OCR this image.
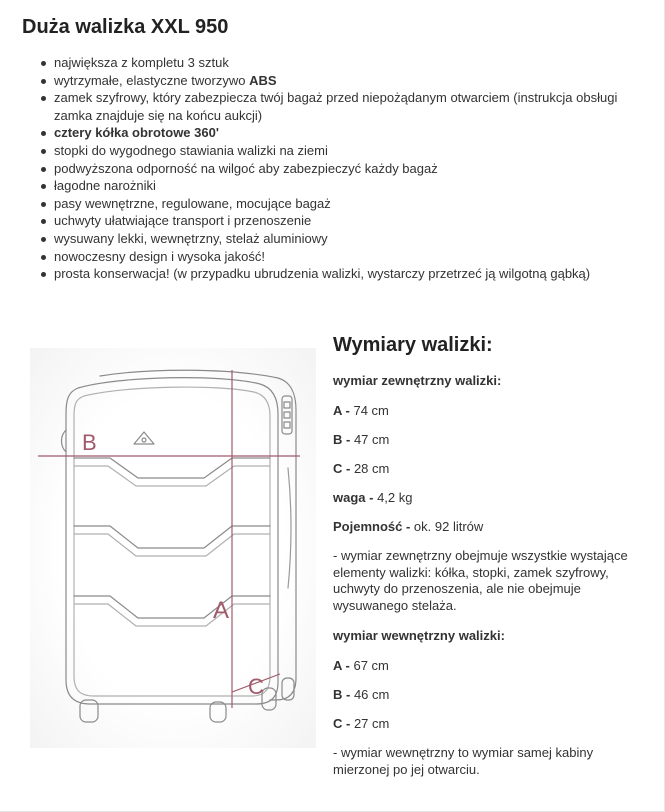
Duża walizka XXL 950
największa z kompletu 3 sztuk
wytrzymałe, elastyczne tworzywo ABS
zamek szyfrowy, który zabezpiecza twój bagaż przed niepożądanym otwarciem (instrukcja obsługi zamka znajduje się na końcu aukcji)
cztery kółka obrotowe 360'
stopki do wygodnego stawiania walizki na ziemi
podwyższona odporność na wilgoć aby zabezpieczyć każdy bagaż
łagodne narożniki
pasy wewnętrzne, regulowane, mocujące bagaż
uchwyty ułatwiające transport i przenoszenie
wysuwany lekki, wewnętrzny, stelaż aluminiowy
nowoczesny design i wysoka jakość!
prosta konserwacja! (w przypadku ubrudzenia walizki, wystarczy przetrzeć ją wilgotną gąbką)
B
A
C
Wymiary walizki:

wymiar zewnętrzny walizki:

A - 74 cm

B - 47 cm

C - 28 cm

waga - 4,2 kg

Pojemność - ok. 92 litrów

- wymiar zewnętrzny obejmuje wszystkie wystające elementy walizki: kółka, stopki, zamek szyfrowy, uchwyty do przenoszenia, ale nie obejmuje wysuwanego stelaża.

wymiar wewnętrzny walizki:

A - 67 cm

B - 46 cm

C - 27 cm

- wymiar wewnętrzny to wymiar samej kabiny mierzonej po jej otwarciu.
